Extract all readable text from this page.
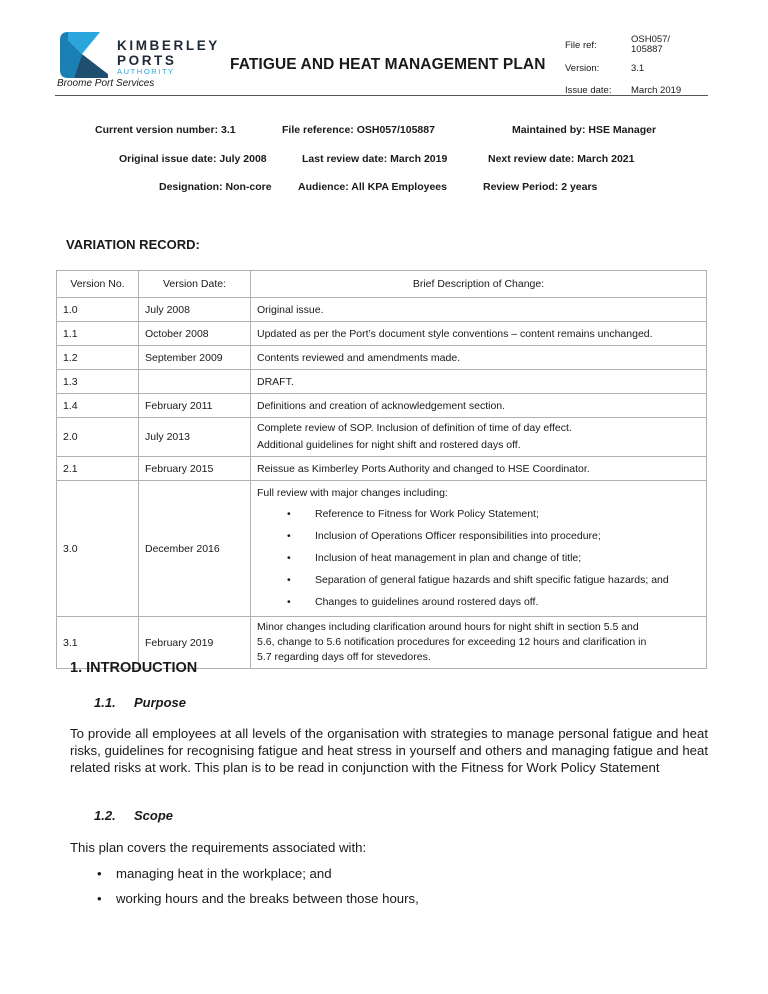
KIMBERLEY
PORTS
AUTHORITY
Broome Port Services
FATIGUE AND HEAT MANAGEMENT PLAN
File ref:	OSH057/
105887
Version:	3.1
Issue date:	March 2019
Current version number: 3.1	File reference: OSH057/105887	Maintained by: HSE Manager
Original issue date: July 2008	Last review date: March 2019	Next review date: March 2021
Designation: Non-core	Audience: All KPA Employees	Review Period: 2 years
VARIATION RECORD:
Version No.	Version Date:	Brief Description of Change:
1.0	July 2008	Original issue.
1.1	October 2008	Updated as per the Port’s document style conventions – content remains unchanged.
1.2	September 2009	Contents reviewed and amendments made.
1.3		DRAFT.
1.4	February 2011	Definitions and creation of acknowledgement section.
2.0	July 2013	Complete review of SOP. Inclusion of definition of time of day effect.
Additional guidelines for night shift and rostered days off.

2.1	February 2015	Reissue as Kimberley Ports Authority and changed to HSE Coordinator.
3.0	December 2016	
Full review with major changes including:
• Reference to Fitness for Work Policy Statement;
• Inclusion of Operations Officer responsibilities into procedure;
• Inclusion of heat management in plan and change of title;
• Separation of general fatigue hazards and shift specific fatigue hazards; and
• Changes to guidelines around rostered days off.

3.1	February 2019	Minor changes including clarification around hours for night shift in section 5.5 and
5.6, change to 5.6 notification procedures for exceeding 12 hours and clarification in
5.7 regarding days off for stevedores.
1. INTRODUCTION
1.1. Purpose

To provide all employees at all levels of the organisation with strategies to manage personal fatigue and heat risks, guidelines for recognising fatigue and heat stress in yourself and others and managing fatigue and heat related risks at work. This plan is to be read in conjunction with the Fitness for Work Policy Statement

1.2. Scope

This plan covers the requirements associated with:

• managing heat in the workplace; and
• working hours and the breaks between those hours,
